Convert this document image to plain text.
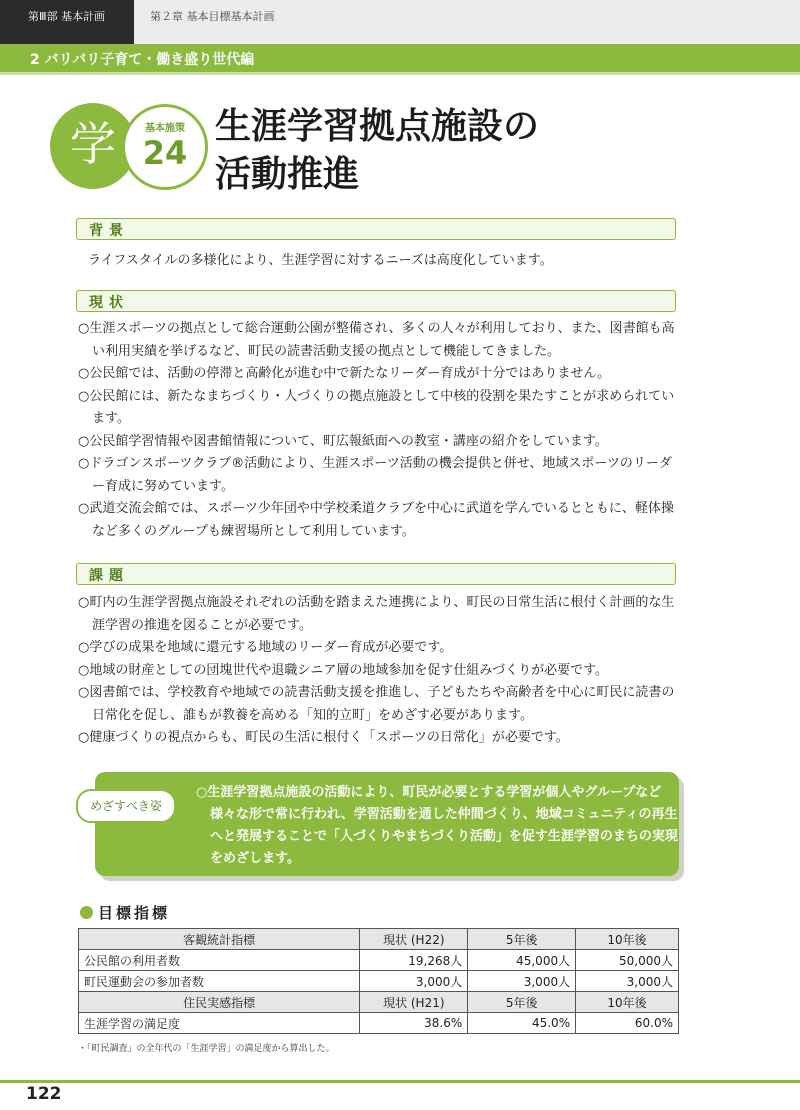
第Ⅲ部 基本計画	第２章 基本目標基本計画
2 バリバリ子育て・働き盛り世代編
学	基本施策
24
生涯学習拠点施設の
活動推進
背景
ライフスタイルの多様化により、生涯学習に対するニーズは高度化しています。
現状
○生涯スポーツの拠点として総合運動公園が整備され、多くの人々が利用しており、また、図書館も高い利用実績を挙げるなど、町民の読書活動支援の拠点として機能してきました。
○公民館では、活動の停滞と高齢化が進む中で新たなリーダー育成が十分ではありません。
○公民館には、新たなまちづくり・人づくりの拠点施設として中核的役割を果たすことが求められています。
○公民館学習情報や図書館情報について、町広報紙面への教室・講座の紹介をしています。
○ドラゴンスポーツクラブ®活動により、生涯スポーツ活動の機会提供と併せ、地域スポーツのリーダー育成に努めています。
○武道交流会館では、スポーツ少年団や中学校柔道クラブを中心に武道を学んでいるとともに、軽体操など多くのグループも練習場所として利用しています。
課題
○町内の生涯学習拠点施設それぞれの活動を踏まえた連携により、町民の日常生活に根付く計画的な生涯学習の推進を図ることが必要です。
○学びの成果を地域に還元する地域のリーダー育成が必要です。
○地域の財産としての団塊世代や退職シニア層の地域参加を促す仕組みづくりが必要です。
○図書館では、学校教育や地域での読書活動支援を推進し、子どもたちや高齢者を中心に町民に読書の日常化を促し、誰もが教養を高める「知的立町」をめざす必要があります。
○健康づくりの視点からも、町民の生活に根付く「スポーツの日常化」が必要です。
めざすべき姿
○生涯学習拠点施設の活動により、町民が必要とする学習が個人やグループなど様々な形で常に行われ、学習活動を通した仲間づくり、地域コミュニティの再生へと発展することで「人づくりやまちづくり活動」を促す生涯学習のまちの実現をめざします。
目標指標
客観統計指標	現状 (H22)	5年後	10年後
公民館の利用者数	19,268人	45,000人	50,000人
町民運動会の参加者数	3,000人	3,000人	3,000人
住民実感指標	現状 (H21)	5年後	10年後
生涯学習の満足度	38.6%	45.0%	60.0%
・「町民調査」の全年代の「生涯学習」の満足度から算出した。
122
